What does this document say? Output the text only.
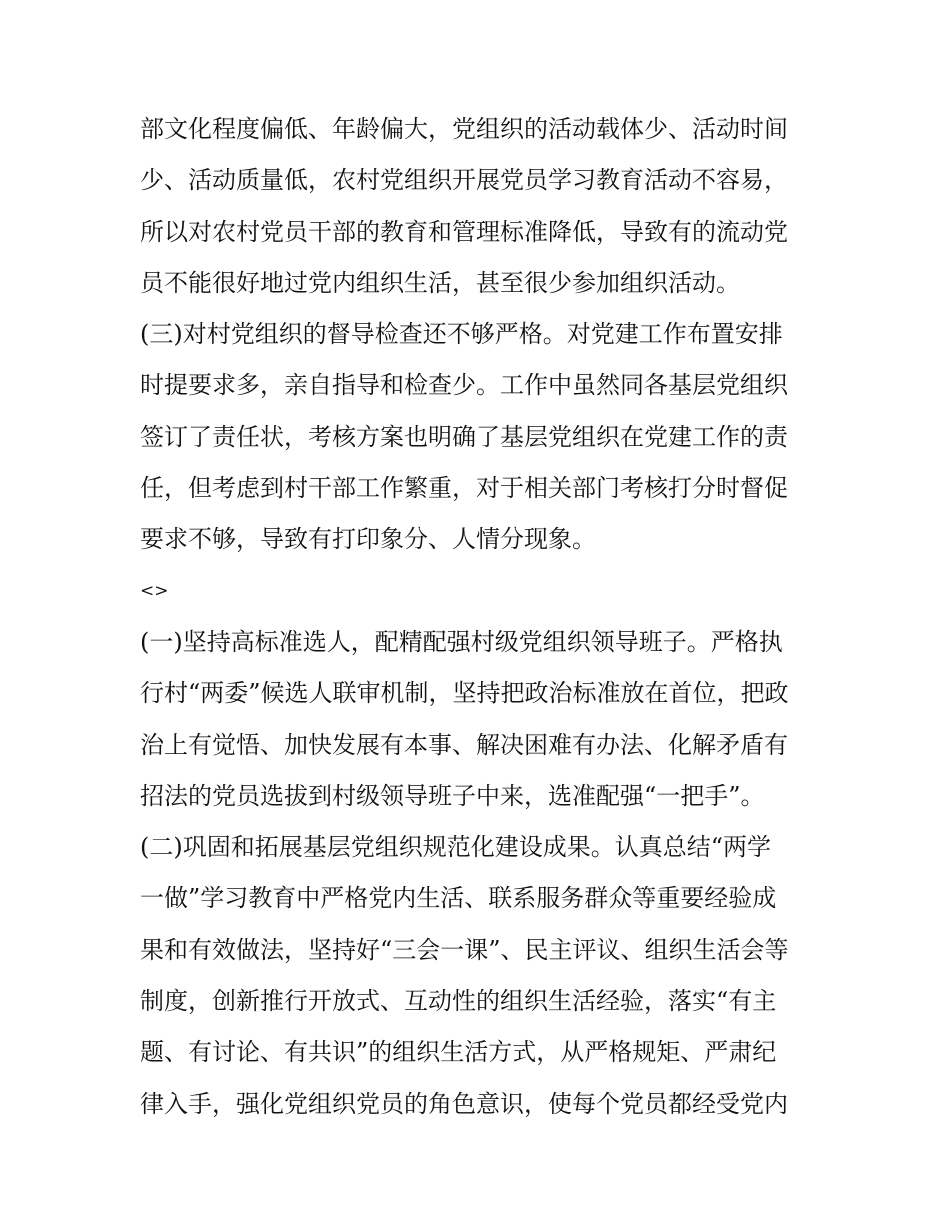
部文化程度偏低、年龄偏大，党组织的活动载体少、活动时间
少、活动质量低，农村党组织开展党员学习教育活动不容易，
所以对农村党员干部的教育和管理标准降低，导致有的流动党
员不能很好地过党内组织生活，甚至很少参加组织活动。
(三)对村党组织的督导检查还不够严格。对党建工作布置安排
时提要求多，亲自指导和检查少。工作中虽然同各基层党组织
签订了责任状，考核方案也明确了基层党组织在党建工作的责
任，但考虑到村干部工作繁重，对于相关部门考核打分时督促
要求不够，导致有打印象分、人情分现象。
<>
(一)坚持高标准选人，配精配强村级党组织领导班子。严格执
行村“两委”候选人联审机制，坚持把政治标准放在首位，把政
治上有觉悟、加快发展有本事、解决困难有办法、化解矛盾有
招法的党员选拔到村级领导班子中来，选准配强“一把手”。
(二)巩固和拓展基层党组织规范化建设成果。认真总结“两学
一做”学习教育中严格党内生活、联系服务群众等重要经验成
果和有效做法，坚持好“三会一课”、民主评议、组织生活会等
制度，创新推行开放式、互动性的组织生活经验，落实“有主
题、有讨论、有共识”的组织生活方式，从严格规矩、严肃纪
律入手，强化党组织党员的角色意识，使每个党员都经受党内
